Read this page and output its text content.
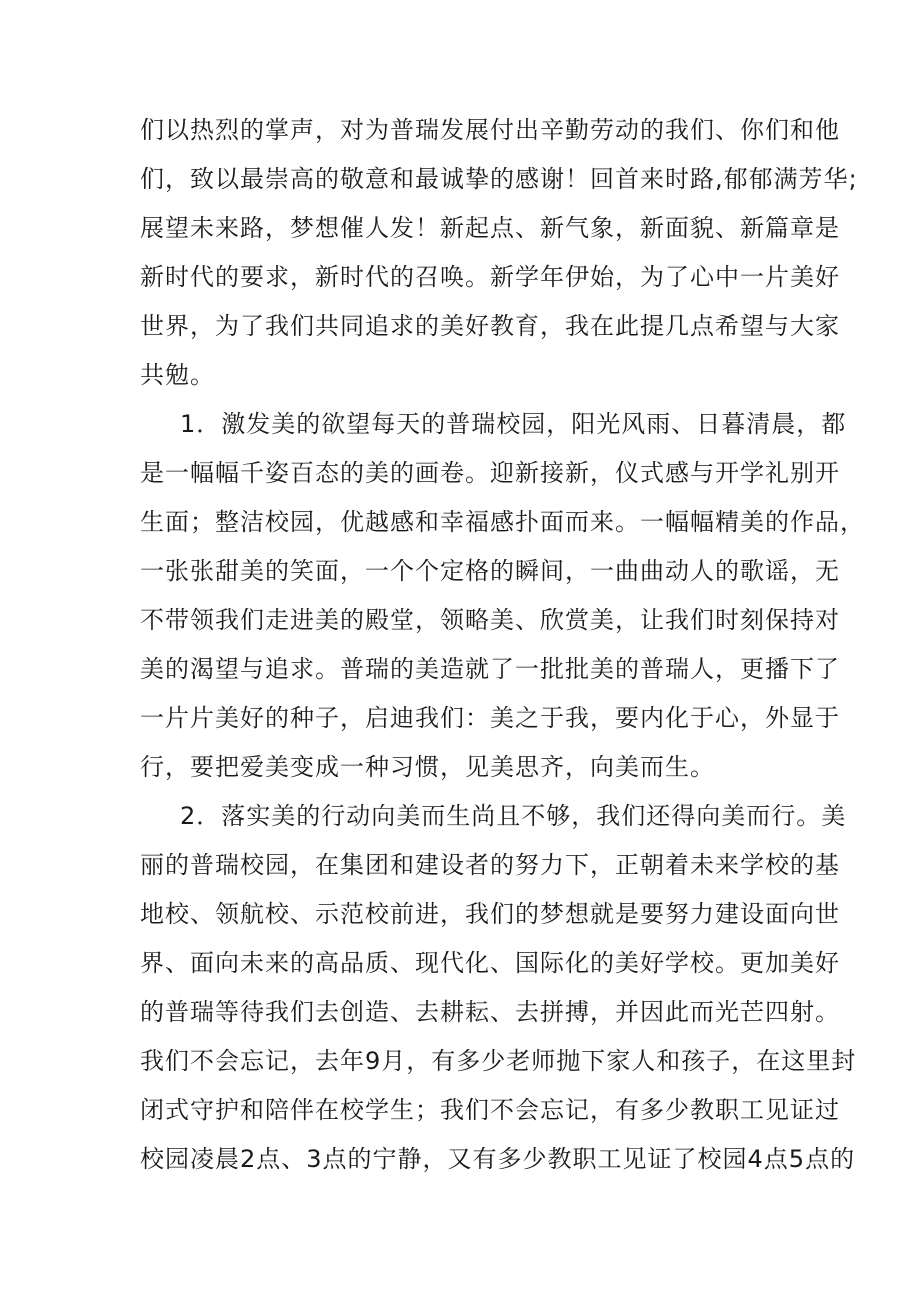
们以热烈的掌声，对为普瑞发展付出辛勤劳动的我们、你们和他
们，致以最崇高的敬意和最诚挚的感谢！回首来时路,郁郁满芳华;
展望未来路，梦想催人发！新起点、新气象，新面貌、新篇章是
新时代的要求，新时代的召唤。新学年伊始，为了心中一片美好
世界，为了我们共同追求的美好教育，我在此提几点希望与大家
共勉。
1．激发美的欲望每天的普瑞校园，阳光风雨、日暮清晨，都
是一幅幅千姿百态的美的画卷。迎新接新，仪式感与开学礼别开
生面；整洁校园，优越感和幸福感扑面而来。一幅幅精美的作品，
一张张甜美的笑面，一个个定格的瞬间，一曲曲动人的歌谣，无
不带领我们走进美的殿堂，领略美、欣赏美，让我们时刻保持对
美的渴望与追求。普瑞的美造就了一批批美的普瑞人，更播下了
一片片美好的种子，启迪我们：美之于我，要内化于心，外显于
行，要把爱美变成一种习惯，见美思齐，向美而生。
2．落实美的行动向美而生尚且不够，我们还得向美而行。美
丽的普瑞校园，在集团和建设者的努力下，正朝着未来学校的基
地校、领航校、示范校前进，我们的梦想就是要努力建设面向世
界、面向未来的高品质、现代化、国际化的美好学校。更加美好
的普瑞等待我们去创造、去耕耘、去拼搏，并因此而光芒四射。
我们不会忘记，去年9月，有多少老师抛下家人和孩子，在这里封
闭式守护和陪伴在校学生；我们不会忘记，有多少教职工见证过
校园凌晨2点、3点的宁静，又有多少教职工见证了校园4点5点的
